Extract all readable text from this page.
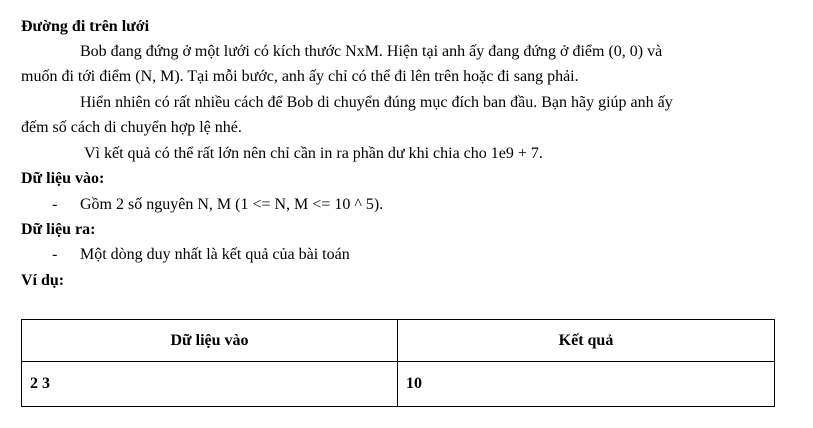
Đường đi trên lưới
Bob đang đứng ở một lưới có kích thước NxM. Hiện tại anh ấy đang đứng ở điểm (0, 0) và
muốn đi tới điểm (N, M). Tại mỗi bước, anh ấy chỉ có thể đi lên trên hoặc đi sang phải.
Hiển nhiên có rất nhiều cách để Bob di chuyển đúng mục đích ban đầu. Bạn hãy giúp anh ấy
đếm số cách di chuyển hợp lệ nhé.
Vì kết quả có thể rất lớn nên chỉ cần in ra phần dư khi chia cho 1e9 + 7.
Dữ liệu vào:
- Gồm 2 số nguyên N, M (1 <= N, M <= 10 ^ 5).
Dữ liệu ra:
- Một dòng duy nhất là kết quả của bài toán
Ví dụ:
Dữ liệu vào	Kết quả
2 3	10
